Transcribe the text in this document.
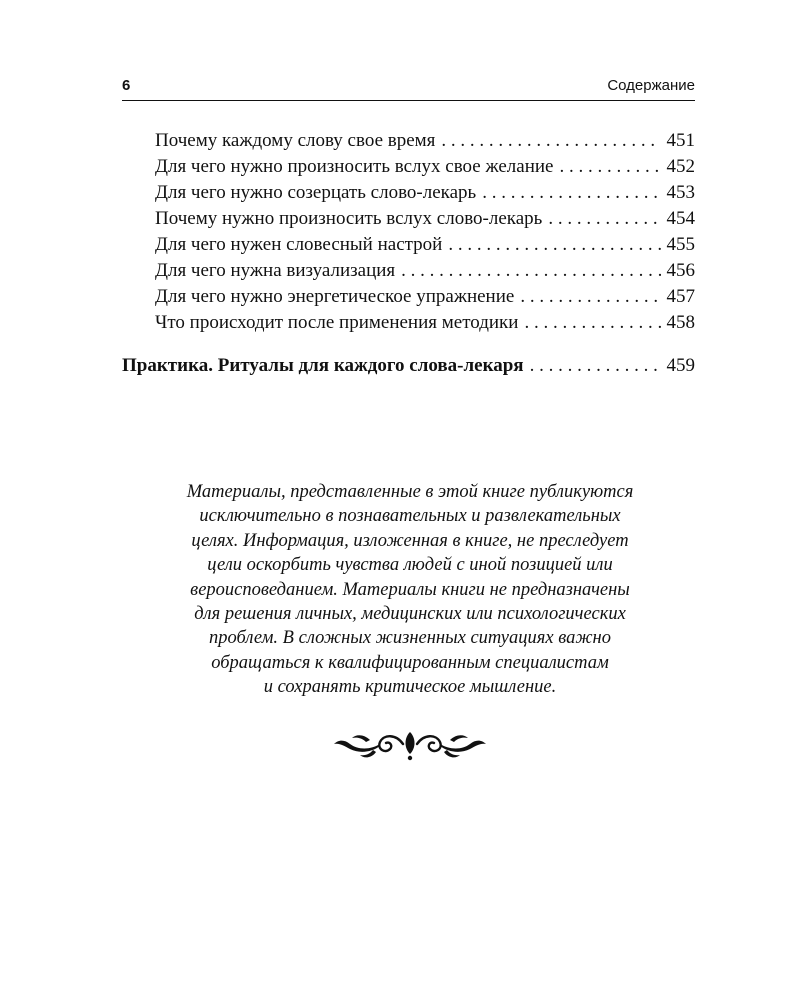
6	Содержание
Почему каждому слову свое время . . .	451
Для чего нужно произносить вслух свое желание . . .	452
Для чего нужно созерцать слово-лекарь . . .	453
Почему нужно произносить вслух слово-лекарь . . .	454
Для чего нужен словесный настрой . . .	455
Для чего нужна визуализация . . .	456
Для чего нужно энергетическое упражнение . . .	457
Что происходит после применения методики . . .	458
Практика. Ритуалы для каждого слова-лекаря . . .	459
Материалы, представленные в этой книге публикуются
исключительно в познавательных и развлекательных
целях. Информация, изложенная в книге, не преследует
цели оскорбить чувства людей с иной позицией или
вероисповеданием. Материалы книги не предназначены
для решения личных, медицинских или психологических
проблем. В сложных жизненных ситуациях важно
обращаться к квалифицированным специалистам
и сохранять критическое мышление.
